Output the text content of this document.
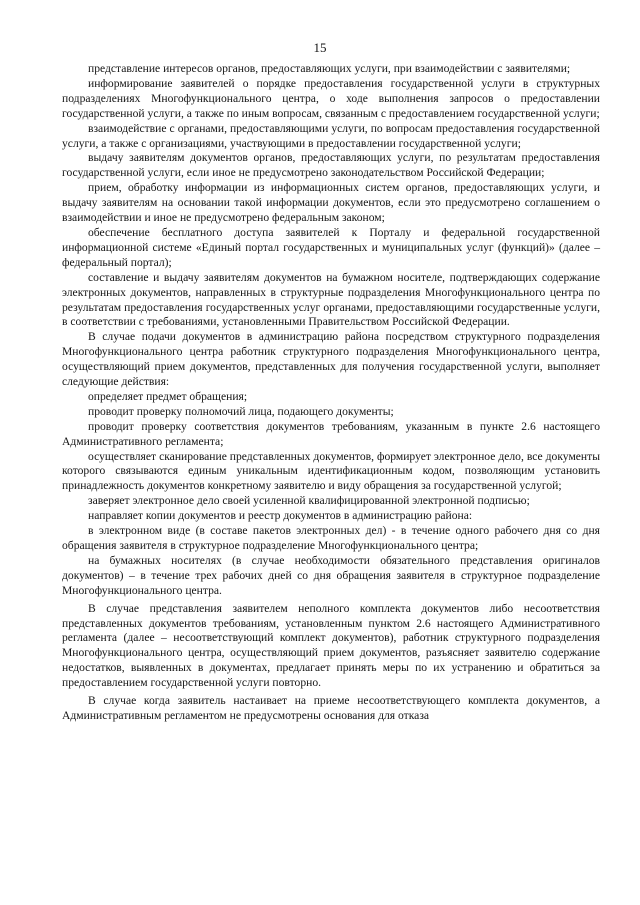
15

представление интересов органов, предоставляющих услуги, при взаимодействии с заявителями;

информирование заявителей о порядке предоставления государственной услуги в структурных подразделениях Многофункционального центра, о ходе выполнения запросов о предоставлении государственной услуги, а также по иным вопросам, связанным с предоставлением государственной услуги;

взаимодействие с органами, предоставляющими услуги, по вопросам предоставления государственной услуги, а также с организациями, участвующими в предоставлении государственной услуги;

выдачу заявителям документов органов, предоставляющих услуги, по результатам предоставления государственной услуги, если иное не предусмотрено законодательством Российской Федерации;

прием, обработку информации из информационных систем органов, предоставляющих услуги, и выдачу заявителям на основании такой информации документов, если это предусмотрено соглашением о взаимодействии и иное не предусмотрено федеральным законом;

обеспечение бесплатного доступа заявителей к Порталу и федеральной государственной информационной системе «Единый портал государственных и муниципальных услуг (функций)» (далее – федеральный портал);

составление и выдачу заявителям документов на бумажном носителе, подтверждающих содержание электронных документов, направленных в структурные подразделения Многофункционального центра по результатам предоставления государственных услуг органами, предоставляющими государственные услуги, в соответствии с требованиями, установленными Правительством Российской Федерации.

В случае подачи документов в администрацию района посредством структурного подразделения Многофункционального центра работник структурного подразделения Многофункционального центра, осуществляющий прием документов, представленных для получения государственной услуги, выполняет следующие действия:

определяет предмет обращения;

проводит проверку полномочий лица, подающего документы;

проводит проверку соответствия документов требованиям, указанным в пункте 2.6 настоящего Административного регламента;

осуществляет сканирование представленных документов, формирует электронное дело, все документы которого связываются единым уникальным идентификационным кодом, позволяющим установить принадлежность документов конкретному заявителю и виду обращения за государственной услугой;

заверяет электронное дело своей усиленной квалифицированной электронной подписью;

направляет копии документов и реестр документов в администрацию района:

в электронном виде (в составе пакетов электронных дел) - в течение одного рабочего дня со дня обращения заявителя в структурное подразделение Многофункционального центра;

на бумажных носителях (в случае необходимости обязательного представления оригиналов документов) – в течение трех рабочих дней со дня обращения заявителя в структурное подразделение Многофункционального центра.

В случае представления заявителем неполного комплекта документов либо несоответствия представленных документов требованиям, установленным пунктом 2.6 настоящего Административного регламента (далее – несоответствующий комплект документов), работник структурного подразделения Многофункционального центра, осуществляющий прием документов, разъясняет заявителю содержание недостатков, выявленных в документах, предлагает принять меры по их устранению и обратиться за предоставлением государственной услуги повторно.

В случае когда заявитель настаивает на приеме несоответствующего комплекта документов, а Административным регламентом не предусмотрены основания для отказа
